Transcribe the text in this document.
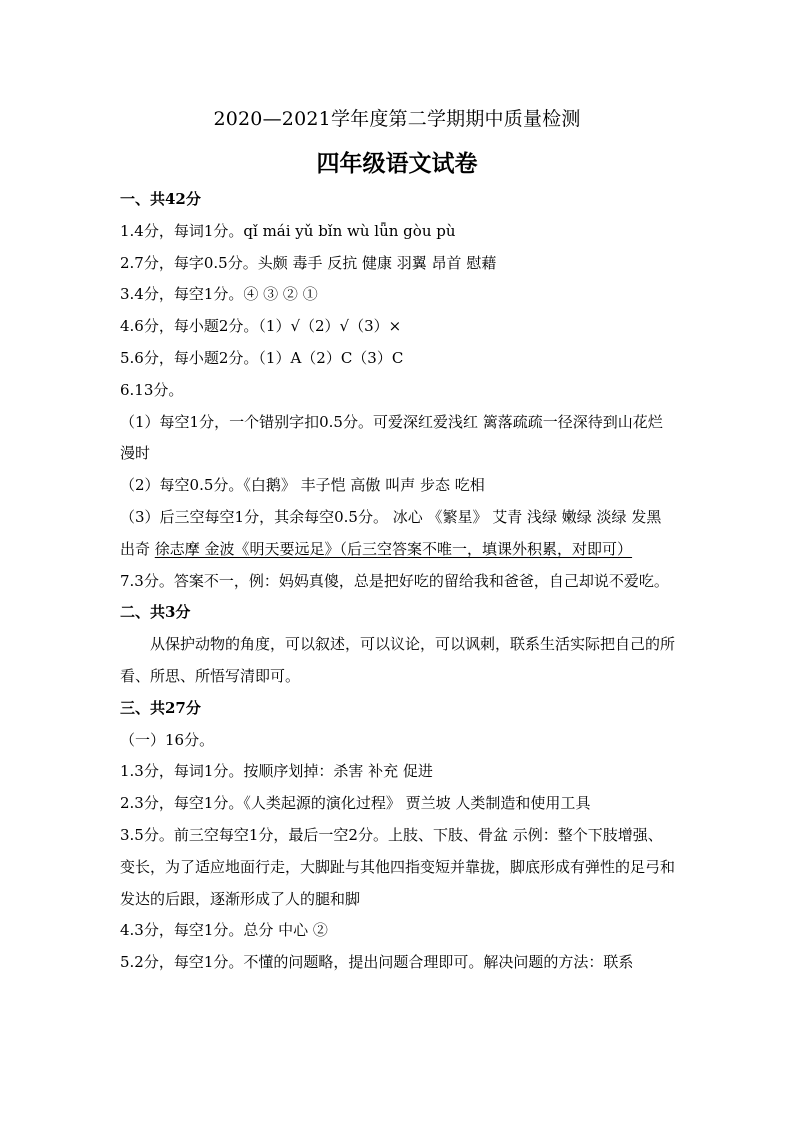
2020—2021学年度第二学期期中质量检测
四年级语文试卷
一、共42分
1.4分，每词1分。qǐ mái yǔ bǐn wù lǖn gòu pù
2.7分，每字0.5分。头颇 毒手 反抗 健康 羽翼 昂首 慰藉
3.4分，每空1分。④ ③ ② ①
4.6分，每小题2分。（1）√（2）√（3）×
5.6分，每小题2分。（1）A（2）C（3）C
6.13分。
（1）每空1分，一个错别字扣0.5分。可爱深红爱浅红 篱落疏疏一径深待到山花烂漫时
（2）每空0.5分。《白鹅》 丰子恺 高傲 叫声 步态 吃相
（3）后三空每空1分，其余每空0.5分。 冰心 《繁星》 艾青 浅绿 嫩绿 淡绿 发黑 出奇 徐志摩 金波《明天要远足》（后三空答案不唯一，填课外积累，对即可）
7.3分。答案不一，例：妈妈真傻，总是把好吃的留给我和爸爸，自己却说不爱吃。
二、共3分
从保护动物的角度，可以叙述，可以议论，可以讽刺，联系生活实际把自己的所看、所思、所悟写清即可。
三、共27分
（一）16分。
1.3分，每词1分。按顺序划掉：杀害 补充 促进
2.3分，每空1分。《人类起源的演化过程》 贾兰坡 人类制造和使用工具
3.5分。前三空每空1分，最后一空2分。上肢、下肢、骨盆 示例：整个下肢增强、变长，为了适应地面行走，大脚趾与其他四指变短并靠拢，脚底形成有弹性的足弓和发达的后跟，逐渐形成了人的腿和脚
4.3分，每空1分。总分 中心 ②
5.2分，每空1分。不懂的问题略，提出问题合理即可。解决问题的方法：联系
